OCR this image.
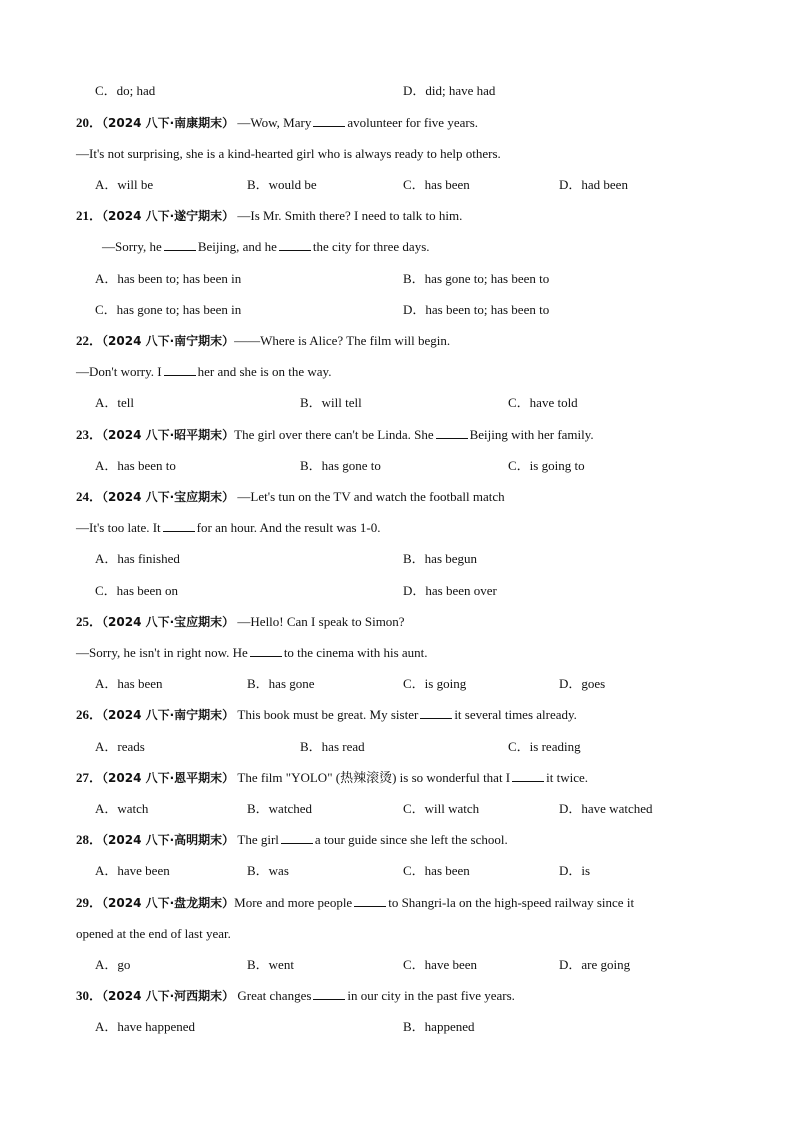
C．do; had	D．did; have had
20．（2024 八下·南康期末） —Wow, Mary	avolunteer for five years.
—It's not surprising, she is a kind-hearted girl who is always ready to help others.
A．will be	B．would be	C．has been	D．had been
21．（2024 八下·遂宁期末） —Is Mr. Smith there? I need to talk to him.
—Sorry, he	Beijing, and he	the city for three days.
A．has been to; has been in	B．has gone to; has been to
C．has gone to; has been in	D．has been to; has been to
22．（2024 八下·南宁期末）——Where is Alice? The film will begin.
—Don't worry. I	her and she is on the way.
A．tell	B．will tell	C．have told
23．（2024 八下·昭平期末）The girl over there can't be Linda. She	Beijing with her family.
A．has been to	B．has gone to	C．is going to
24．（2024 八下·宝应期末） —Let's tun on the TV and watch the football match
—It's too late. It	for an hour. And the result was 1-0.
A．has finished	B．has begun
C．has been on	D．has been over
25．（2024 八下·宝应期末） —Hello! Can I speak to Simon?
—Sorry, he isn't in right now. He	to the cinema with his aunt.
A．has been	B．has gone	C．is going	D．goes
26．（2024 八下·南宁期末） This book must be great. My sister	it several times already.
A．reads	B．has read	C．is reading
27．（2024 八下·恩平期末） The film "YOLO" (热辣滚烫) is so wonderful that I	it twice.
A．watch	B．watched	C．will watch	D．have watched
28．（2024 八下·高明期末） The girl	a tour guide since she left the school.
A．have been	B．was	C．has been	D．is
29．（2024 八下·盘龙期末）More and more people	to Shangri-la on the high-speed railway since it
opened at the end of last year.
A．go	B．went	C．have been	D．are going
30．（2024 八下·河西期末） Great changes	in our city in the past five years.
A．have happened	B．happened
